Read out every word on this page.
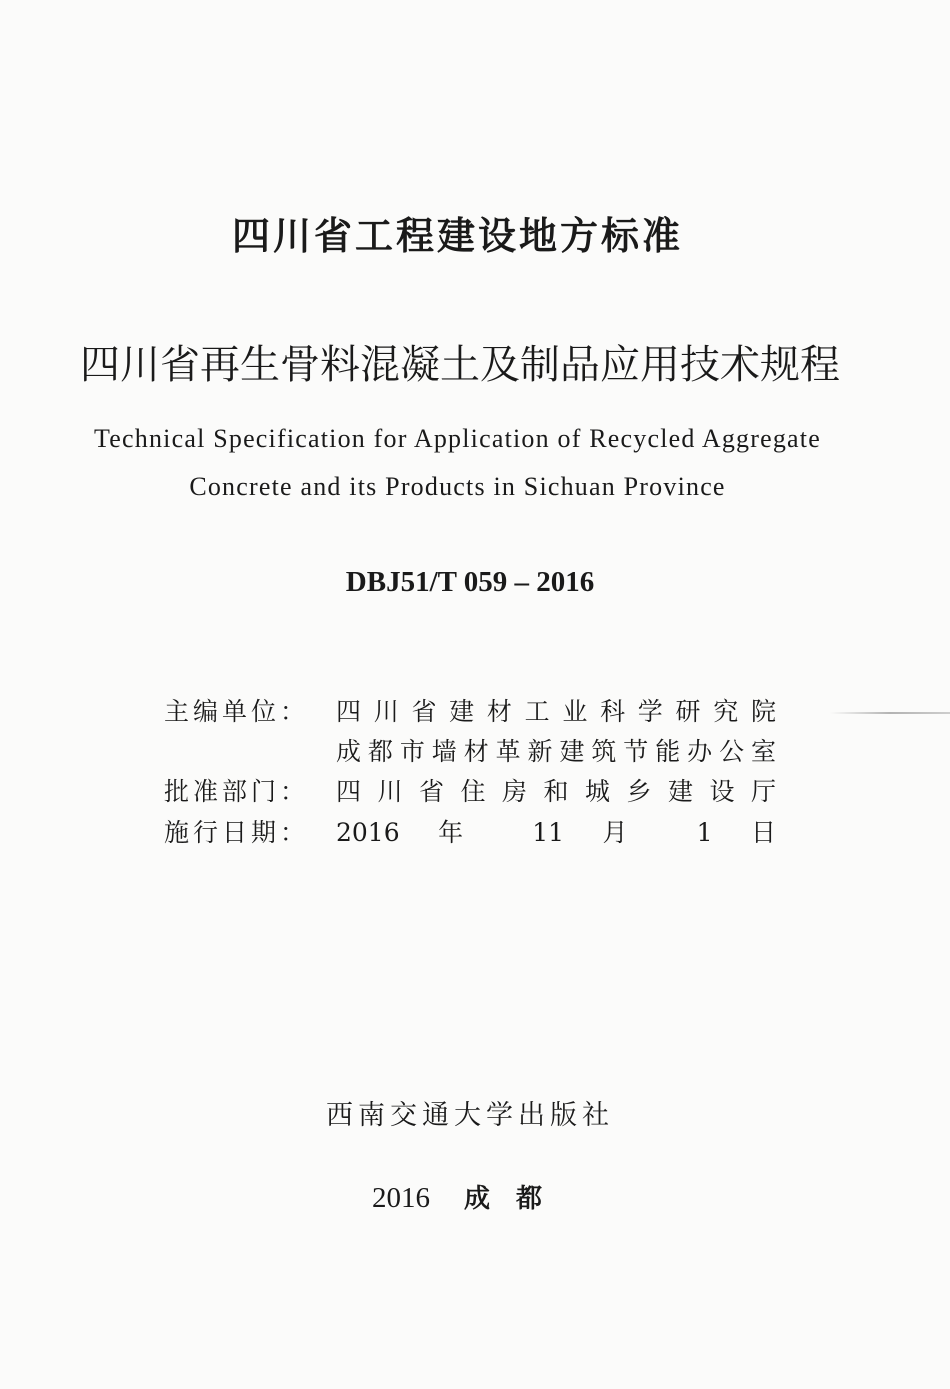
四川省工程建设地方标准
四川省再生骨料混凝土及制品应用技术规程
Technical Specification for Application of Recycled Aggregate
Concrete and its Products in Sichuan Province
DBJ51/T 059 – 2016
主编单位： 四川省建材工业科学研究院
成都市墙材革新建筑节能办公室
批准部门： 四川省住房和城乡建设厅
施行日期： 2016 年 11 月 1 日
西南交通大学出版社
2016 成都
